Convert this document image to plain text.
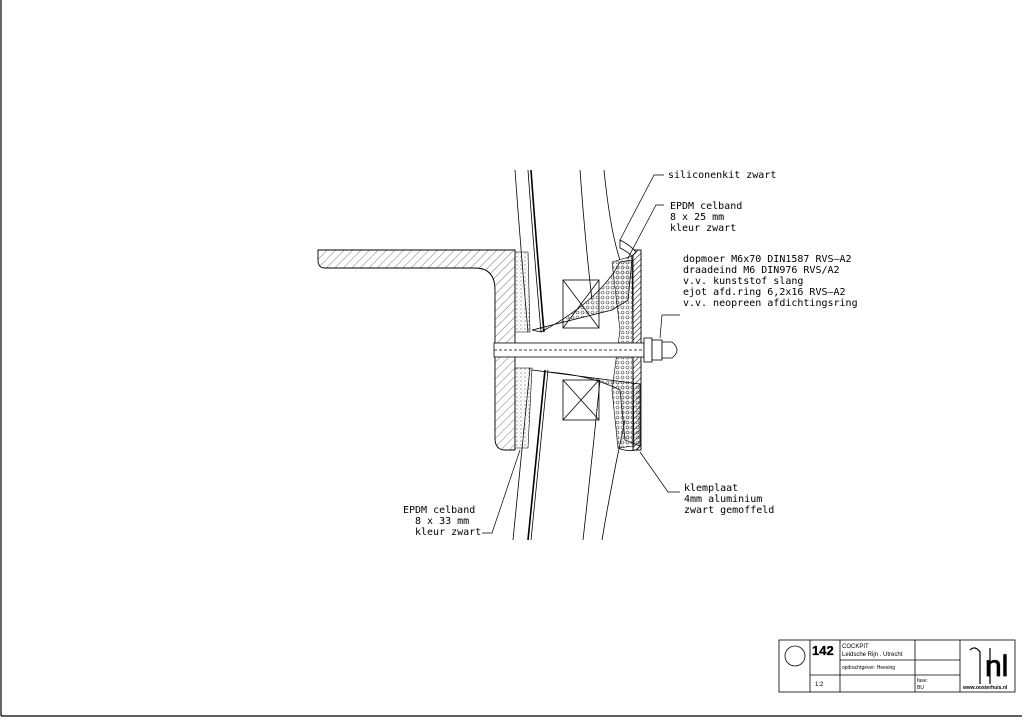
siliconenkit zwart
EPDM celband
8 x 25 mm
kleur zwart
dopmoer M6x70 DIN1587 RVS–A2
draadeind M6 DIN976 RVS/A2
v.v. kunststof slang
ejot afd.ring 6,2x16 RVS–A2
v.v. neopreen afdichtingsring
klemplaat
4mm aluminium
zwart gemoffeld
EPDM celband
8 x 33 mm
kleur zwart
142 COCKPIT
Leidsche Rijn . Utrecht
opdrachtgever: Heesing
1:2
fase:
BU
nl
www.oosterhuis.nl
